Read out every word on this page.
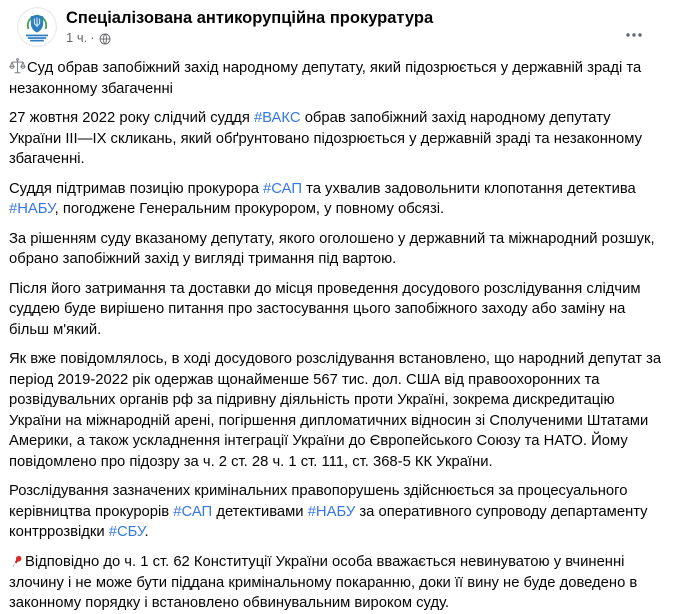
Спеціалізована антикорупційна прокуратура
1 ч. ·

Суд обрав запобіжний захід народному депутату, який підозрюється у державній зраді та незаконному збагаченні

27 жовтня 2022 року слідчий суддя #ВАКС обрав запобіжний захід народному депутату України ІІІ—ІХ скликань, який обґрунтовано підозрюється у державній зраді та незаконному збагаченні.

Суддя підтримав позицію прокурора #САП та ухвалив задовольнити клопотання детектива #НАБУ, погоджене Генеральним прокурором, у повному обсязі.

За рішенням суду вказаному депутату, якого оголошено у державний та міжнародний розшук, обрано запобіжний захід у вигляді тримання під вартою.

Після його затримання та доставки до місця проведення досудового розслідування слідчим суддею буде вирішено питання про застосування цього запобіжного заходу або заміну на більш м'який.

Як вже повідомлялось, в ході досудового розслідування встановлено, що народний депутат за період 2019-2022 рік одержав щонайменше 567 тис. дол. США від правоохоронних та розвідувальних органів рф за підривну діяльність проти Україні, зокрема дискредитацію України на міжнародній арені, погіршення дипломатичних відносин зі Сполученими Штатами Америки, а також ускладнення інтеграції України до Європейського Союзу та НАТО. Йому повідомлено про підозру за ч. 2 ст. 28 ч. 1 ст. 111, ст. 368-5 КК України.

Розслідування зазначених кримінальних правопорушень здійснюється за процесуального керівництва прокурорів #САП детективами #НАБУ за оперативного супроводу департаменту контррозвідки #СБУ.

Відповідно до ч. 1 ст. 62 Конституції України особа вважається невинуватою у вчиненні злочину і не може бути піддана кримінальному покаранню, доки її вину не буде доведено в законному порядку і встановлено обвинувальним вироком суду.
